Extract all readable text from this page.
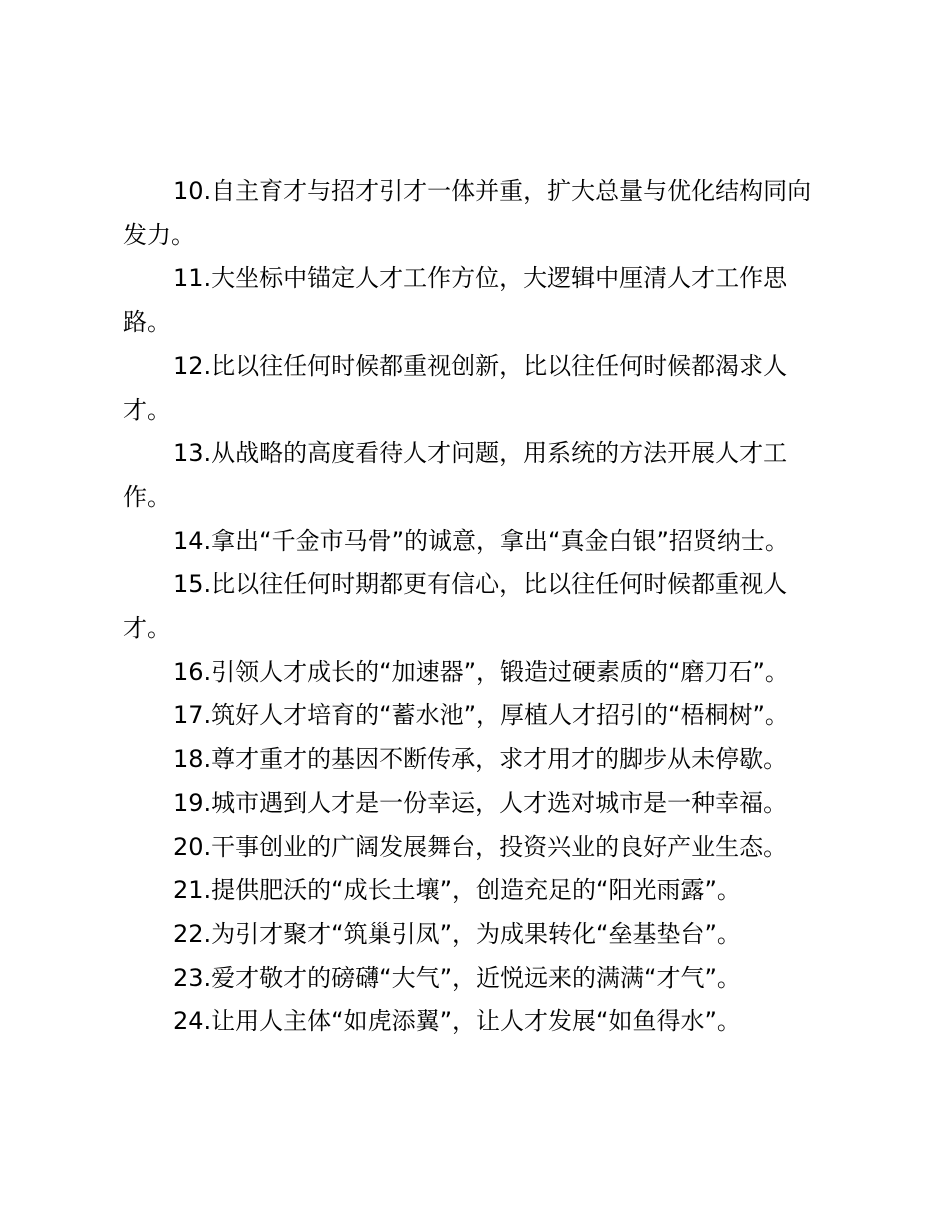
10.自主育才与招才引才一体并重，扩大总量与优化结构同向发力。

11.大坐标中锚定人才工作方位，大逻辑中厘清人才工作思路。

12.比以往任何时候都重视创新，比以往任何时候都渴求人才。

13.从战略的高度看待人才问题，用系统的方法开展人才工作。

14.拿出“千金市马骨”的诚意，拿出“真金白银”招贤纳士。

15.比以往任何时期都更有信心，比以往任何时候都重视人才。

16.引领人才成长的“加速器”，锻造过硬素质的“磨刀石”。

17.筑好人才培育的“蓄水池”，厚植人才招引的“梧桐树”。

18.尊才重才的基因不断传承，求才用才的脚步从未停歇。

19.城市遇到人才是一份幸运，人才选对城市是一种幸福。

20.干事创业的广阔发展舞台，投资兴业的良好产业生态。

21.提供肥沃的“成长土壤”，创造充足的“阳光雨露”。

22.为引才聚才“筑巢引凤”，为成果转化“垒基垫台”。

23.爱才敬才的磅礴“大气”，近悦远来的满满“才气”。

24.让用人主体“如虎添翼”，让人才发展“如鱼得水”。
